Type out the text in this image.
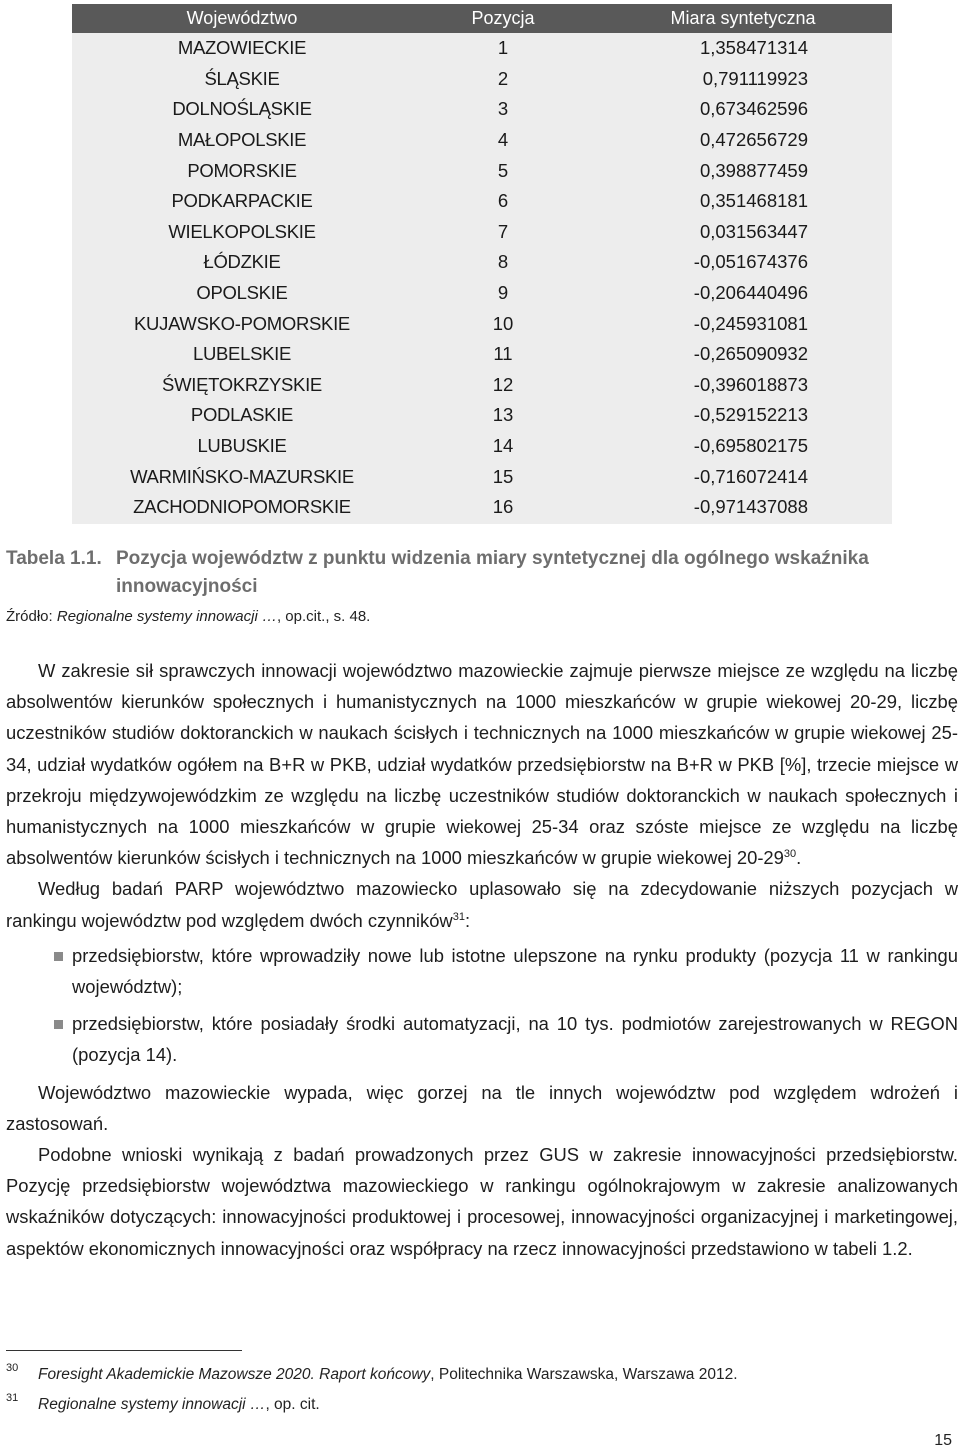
Województwo	Pozycja	Miara syntetyczna
MAZOWIECKIE	1	1,358471314
ŚLĄSKIE	2	0,791119923
DOLNOŚLĄSKIE	3	0,673462596
MAŁOPOLSKIE	4	0,472656729
POMORSKIE	5	0,398877459
PODKARPACKIE	6	0,351468181
WIELKOPOLSKIE	7	0,031563447
ŁÓDZKIE	8	-0,051674376
OPOLSKIE	9	-0,206440496
KUJAWSKO-POMORSKIE	10	-0,245931081
LUBELSKIE	11	-0,265090932
ŚWIĘTOKRZYSKIE	12	-0,396018873
PODLASKIE	13	-0,529152213
LUBUSKIE	14	-0,695802175
WARMIŃSKO-MAZURSKIE	15	-0,716072414
ZACHODNIOPOMORSKIE	16	-0,971437088
Tabela 1.1. Pozycja województw z punktu widzenia miary syntetycznej dla ogólnego wskaźnika
innowacyjności
Źródło: Regionalne systemy innowacji …, op.cit., s. 48.

W zakresie sił sprawczych innowacji województwo mazowieckie zajmuje pierwsze miejsce ze względu na liczbę absolwentów kierunków społecznych i humanistycznych na 1000 mieszkańców w grupie wiekowej 20-29, liczbę uczestników studiów doktoranckich w naukach ścisłych i technicznych na 1000 mieszkańców w grupie wiekowej 25-34, udział wydatków ogółem na B+R w PKB, udział wydatków przedsiębiorstw na B+R w PKB [%], trzecie miejsce w przekroju międzywojewódzkim ze względu na liczbę uczestników studiów doktoranckich w naukach społecznych i humanistycznych na 1000 mieszkańców w grupie wiekowej 25-34 oraz szóste miejsce ze względu na liczbę absolwentów kierunków ścisłych i technicznych na 1000 mieszkańców w grupie wiekowej $20-29^{30}$.

Według badań PARP województwo mazowiecko uplasowało się na zdecydowanie niższych pozycjach w rankingu województw pod względem dwóch czynników$^{31}$:

przedsiębiorstw, które wprowadziły nowe lub istotne ulepszone na rynku produkty (pozycja 11 w rankingu województw);
przedsiębiorstw, które posiadały środki automatyzacji, na 10 tys. podmiotów zarejestrowanych w REGON (pozycja 14).

Województwo mazowieckie wypada, więc gorzej na tle innych województw pod względem wdrożeń i zastosowań.

Podobne wnioski wynikają z badań prowadzonych przez GUS w zakresie innowacyjności przedsiębiorstw. Pozycję przedsiębiorstw województwa mazowieckiego w rankingu ogólnokrajowym w zakresie analizowanych wskaźników dotyczących: innowacyjności produktowej i procesowej, innowacyjności organizacyjnej i marketingowej, aspektów ekonomicznych innowacyjności oraz współpracy na rzecz innowacyjności przedstawiono w tabeli 1.2.

30	Foresight Akademickie Mazowsze 2020. Raport końcowy, Politechnika Warszawska, Warszawa 2012.
31	Regionalne systemy innowacji …, op. cit.
15
